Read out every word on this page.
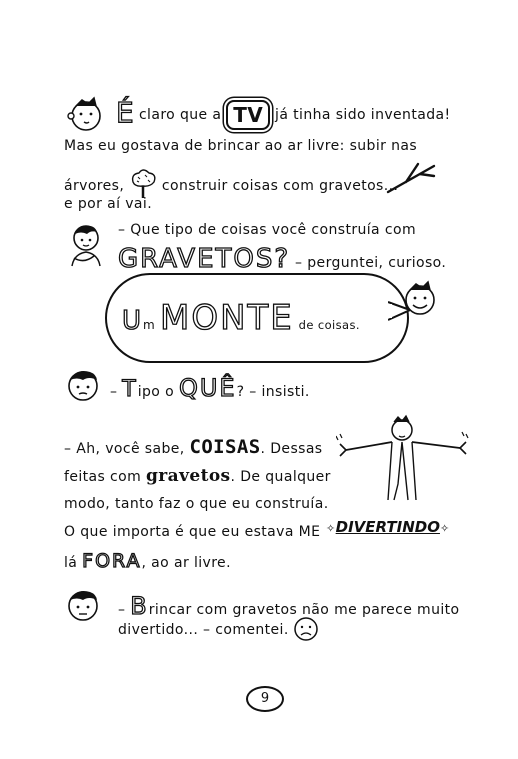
É claro que a TV já tinha sido inventada!
Mas eu gostava de brincar ao ar livre: subir nas
árvores,	construir coisas com gravetos...
e por aí vai.
– Que tipo de coisas você construía com
GRAVETOS? – perguntei, curioso.
Um MONTE de coisas.
– Tipo o QUÊ? – insisti.
– Ah, você sabe, COISAS. Dessas
feitas com gravetos. De qualquer
modo, tanto faz o que eu construía.
O que importa é que eu estava ME ✧DIVERTINDO✧
lá FORA, ao ar livre.
– Brincar com gravetos não me parece muito
divertido... – comentei.
9
